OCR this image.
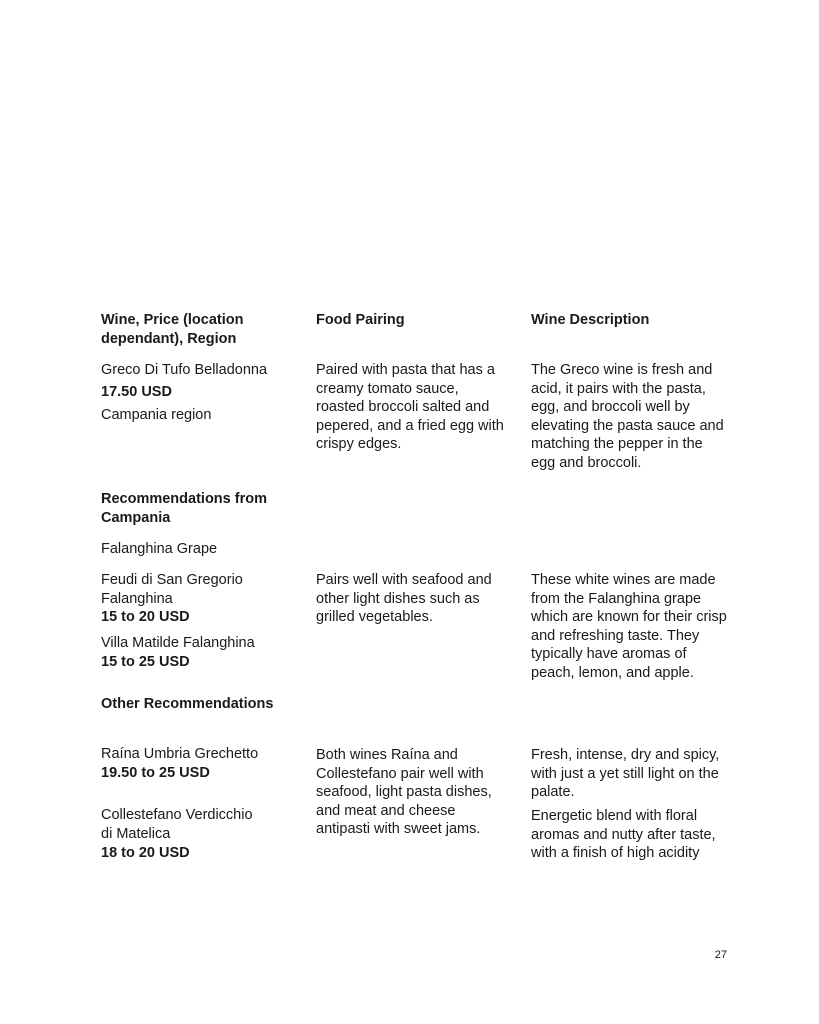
Wine, Price (location dependant), Region
Food Pairing	Wine Description
Greco Di Tufo Belladonna
17.50 USD
Campania region
Paired with pasta that has a creamy tomato sauce, roasted broccoli salted and pepered, and a fried egg with crispy edges.
The Greco wine is fresh and acid, it pairs with the pasta, egg, and broccoli well by elevating the pasta sauce and matching the pepper in the egg and broccoli.
Recommendations from Campania
Falanghina Grape
Feudi di San Gregorio Falanghina
15 to 20 USD
Villa Matilde Falanghina
15 to 25 USD
Pairs well with seafood and other light dishes such as grilled vegetables.
These white wines are made from the Falanghina grape which are known for their crisp and refreshing taste. They typically have aromas of peach, lemon, and apple.
Other Recommendations
Raína Umbria Grechetto
19.50 to 25 USD
Collestefano Verdicchio di Matelica
18 to 20 USD
Both wines Raína and Collestefano pair well with seafood, light pasta dishes, and meat and cheese antipasti with sweet jams.
Fresh, intense, dry and spicy, with just a yet still light on the palate.
Energetic blend with floral aromas and nutty after taste, with a finish of high acidity
27
